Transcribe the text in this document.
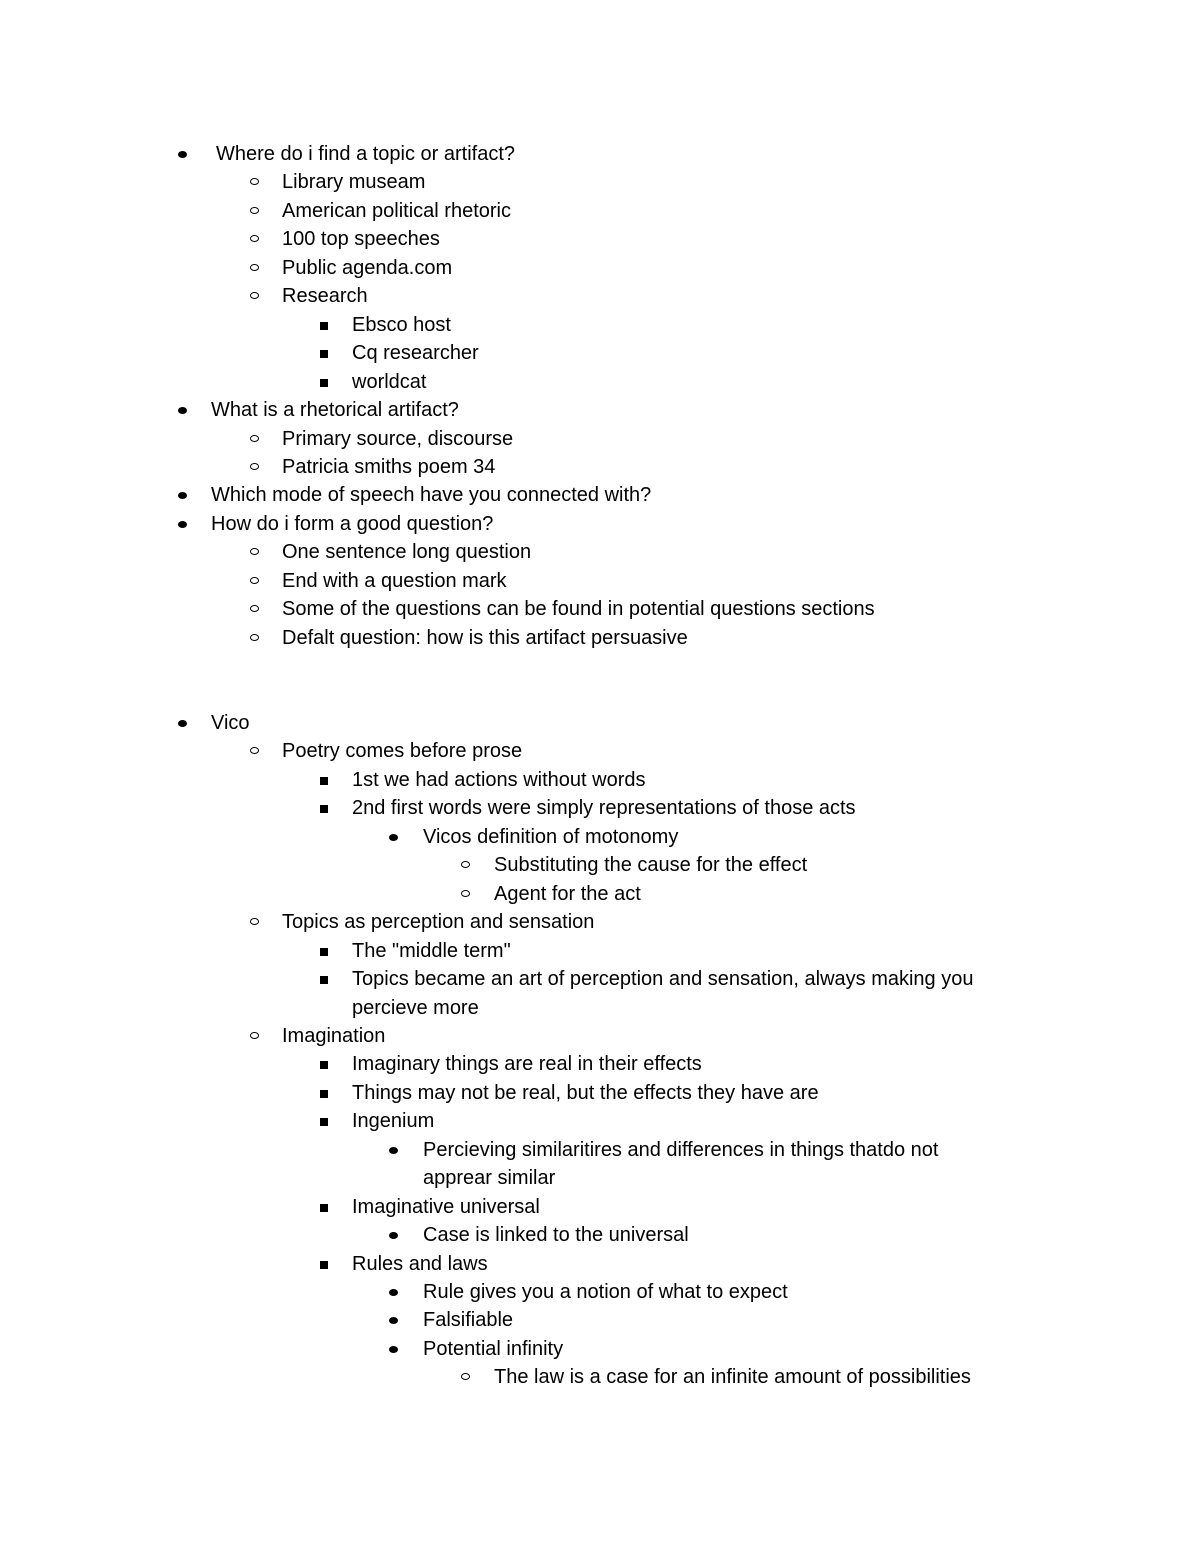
Where do i find a topic or artifact?
Library museam
American political rhetoric
100 top speeches
Public agenda.com
Research
Ebsco host
Cq researcher
worldcat
What is a rhetorical artifact?
Primary source, discourse
Patricia smiths poem 34
Which mode of speech have you connected with?
How do i form a good question?
One sentence long question
End with a question mark
Some of the questions can be found in potential questions sections
Defalt question: how is this artifact persuasive
Vico
Poetry comes before prose
1st we had actions without words
2nd first words were simply representations of those acts
Vicos definition of motonomy
Substituting the cause for the effect
Agent for the act
Topics as perception and sensation
The "middle term"
Topics became an art of perception and sensation, always making you
percieve more
Imagination
Imaginary things are real in their effects
Things may not be real, but the effects they have are
Ingenium
Percieving similaritires and differences in things thatdo not
apprear similar
Imaginative universal
Case is linked to the universal
Rules and laws
Rule gives you a notion of what to expect
Falsifiable
Potential infinity
The law is a case for an infinite amount of possibilities
